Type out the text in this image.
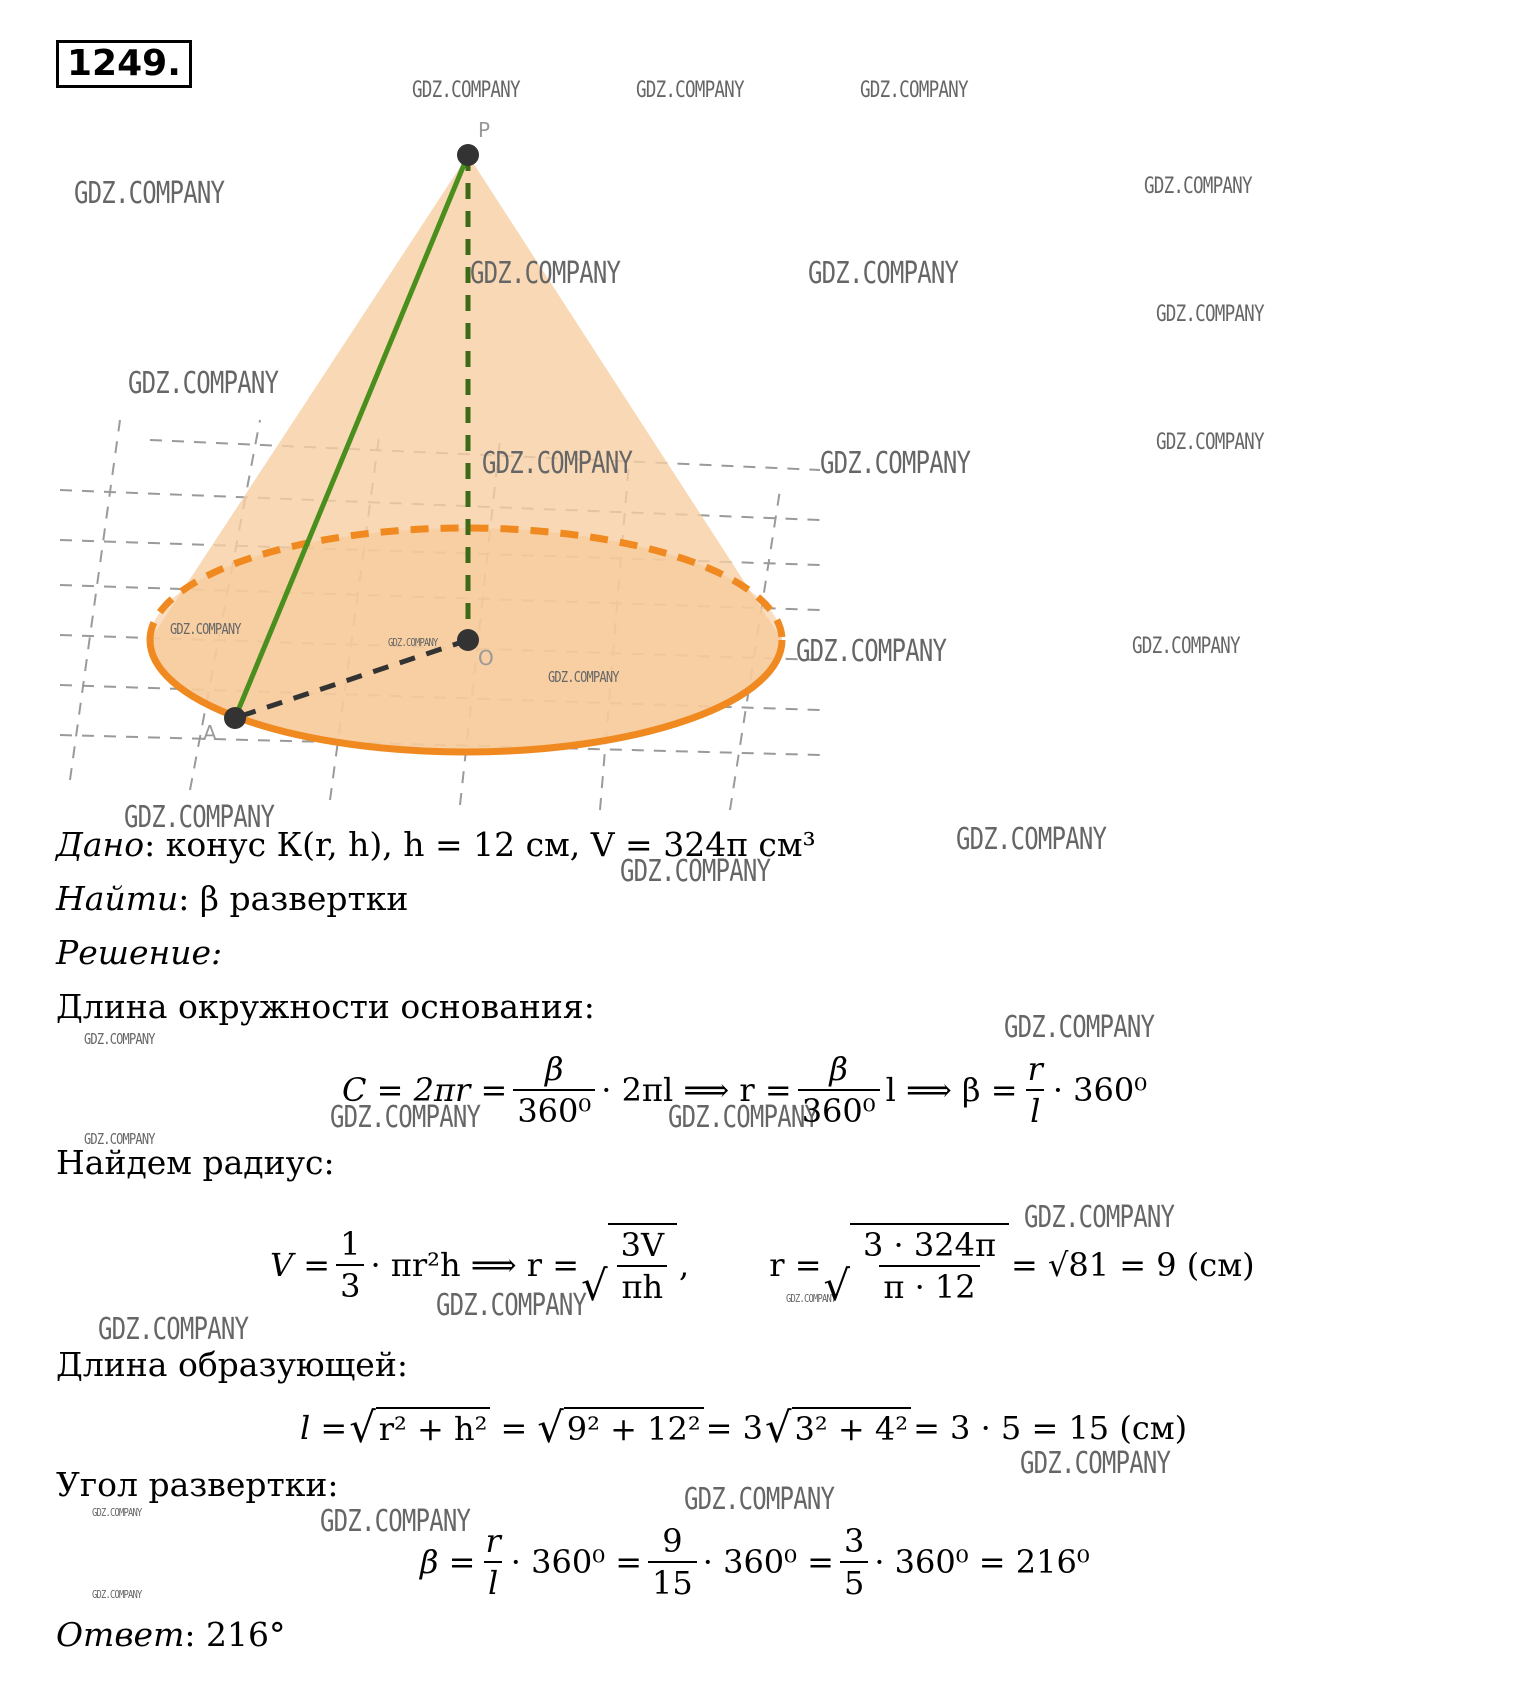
1249.
P
O
A
GDZ.COMPANY	GDZ.COMPANY	GDZ.COMPANY
GDZ.COMPANY	GDZ.COMPANY
GDZ.COMPANY	GDZ.COMPANY
GDZ.COMPANY
GDZ.COMPANY
GDZ.COMPANY
GDZ.COMPANY	GDZ.COMPANY
GDZ.COMPANY
GDZ.COMPANY	GDZ.COMPANY	GDZ.COMPANY
GDZ.COMPANY
GDZ.COMPANY
GDZ.COMPANY
GDZ.COMPANY
GDZ.COMPANY
GDZ.COMPANY
GDZ.COMPANY	GDZ.COMPANY
GDZ.COMPANY
GDZ.COMPANY
GDZ.COMPANY	GDZ.COMPANY
GDZ.COMPANY
GDZ.COMPANY
GDZ.COMPANY
GDZ.COMPANY
GDZ.COMPANY
GDZ.COMPANY
Дано: конус К(r, h), h = 12 см, V = 324π см³
Найти: β развертки
Решение:
Длина окружности основания:
$C = 2\pi r = \frac{\beta}{\text{360⁰}} \cdot 2\pi l$ ⟹ $r = \frac{\beta}{\text{360⁰}}$ l ⟹ $\beta = \frac{r}{l} \cdot 360^0$
Найдем радиус:
$V = \frac{1}{3} \cdot \pi r^2h$ ⟹ r = √ $\frac{3V}{\pi h}$ ,	r = √ $\frac{3 \cdot 324\pi}{\pi \cdot 12} = √81 = 9$ (см)
Длина образующей:
l = √ r² + h² = √ 9² + 12² = 3 √ 3² + 4² = 3 · 5 = 15 (см)
Угол развертки:
$\beta = \frac{r}{l} \cdot 360^0 = \frac{9}{15} \cdot 360^0 = \frac{3}{5} \cdot 360^0 = 216^0$
Ответ: 216°
